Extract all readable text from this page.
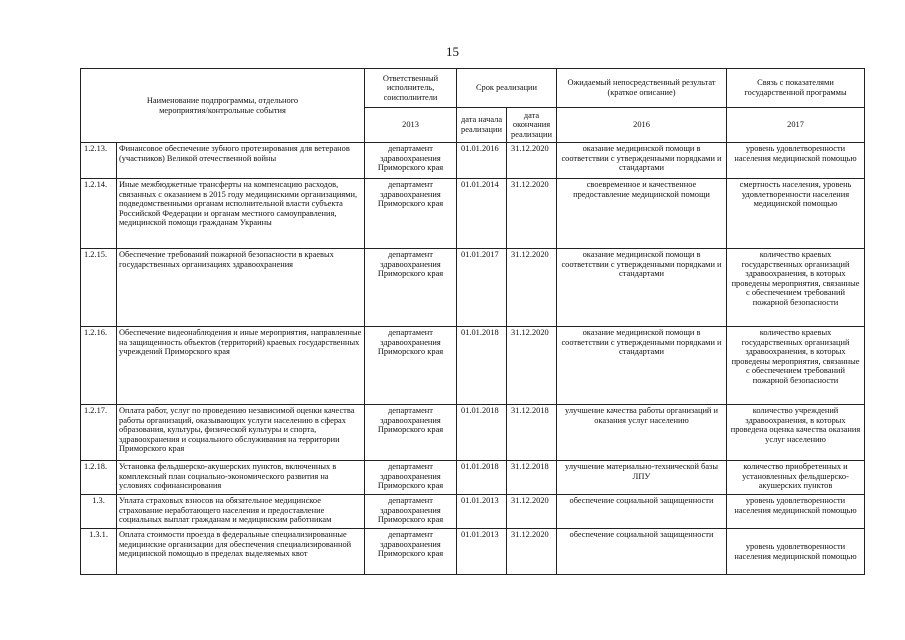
15
Наименование подпрограммы, отдельного мероприятия/контрольные события		Ответственный исполнитель, соисполнители	Срок реализации		Ожидаемый непосредственный результат (краткое описание)	Связь с показателями государственной программы
		2013	дата начала реализации	дата окончания реализации	2016	2017
1.2.13.	Финансовое обеспечение зубного протезирования для ветеранов (участников) Великой отечественной войны	департамент здравоохранения Приморского края	01.01.2016	31.12.2020	оказание медицинской помощи в соответствии с утвержденными порядками и стандартами	уровень удовлетворенности населения медицинской помощью
1.2.14.	Иные межбюджетные трансферты на компенсацию расходов, связанных с оказанием в 2015 году медицинскими организациями, подведомственными органам исполнительной власти субъекта Российской Федерации и органам местного самоуправления, медицинской помощи гражданам Украины	департамент здравоохранения Приморского края	01.01.2014	31.12.2020	своевременное и качественное предоставление медицинской помощи	смертность населения, уровень удовлетворенности населения медицинской помощью
1.2.15.	Обеспечение требований пожарной безопасности в краевых государственных организациях здравоохранения	департамент здравоохранения Приморского края	01.01.2017	31.12.2020	оказание медицинской помощи в соответствии с утвержденными порядками и стандартами	количество краевых государственных организаций здравоохранения, в которых проведены мероприятия, связанные с обеспечением требований пожарной безопасности
1.2.16.	Обеспечение видеонаблюдения и иные мероприятия, направленные на защищенность объектов (территорий) краевых государственных учреждений Приморского края	департамент здравоохранения Приморского края	01.01.2018	31.12.2020	оказание медицинской помощи в соответствии с утвержденными порядками и стандартами	количество краевых государственных организаций здравоохранения, в которых проведены мероприятия, связанные с обеспечением требований пожарной безопасности
1.2.17.	Оплата работ, услуг по проведению независимой оценки качества работы организаций, оказывающих услуги населению в сферах образования, культуры, физической культуры и спорта, здравоохранения и социального обслуживания на территории Приморского края	департамент здравоохранения Приморского края	01.01.2018	31.12.2018	улучшение качества работы организаций и оказания услуг населению	количество учреждений здравоохранения, в которых проведена оценка качества оказания услуг населению
1.2.18.	Установка фельдшерско-акушерских пунктов, включенных в комплексный план социально-экономического развития на условиях софинансирования	департамент здравоохранения Приморского края	01.01.2018	31.12.2018	улучшение материально-технической базы ЛПУ	количество приобретенных и установленных фельдшерско-акушерских пунктов
1.3.	Уплата страховых взносов на обязательное медицинское страхование неработающего населения и предоставление социальных выплат гражданам и медицинским работникам	департамент здравоохранения Приморского края	01.01.2013	31.12.2020	обеспечение социальной защищенности	уровень удовлетворенности населения медицинской помощью
1.3.1.	Оплата стоимости проезда в федеральные специализированные медицинские организации для обеспечения специализированной медицинской помощью в пределах выделяемых квот	департамент здравоохранения Приморского края	01.01.2013	31.12.2020	обеспечение социальной защищенности	уровень удовлетворенности населения медицинской помощью
